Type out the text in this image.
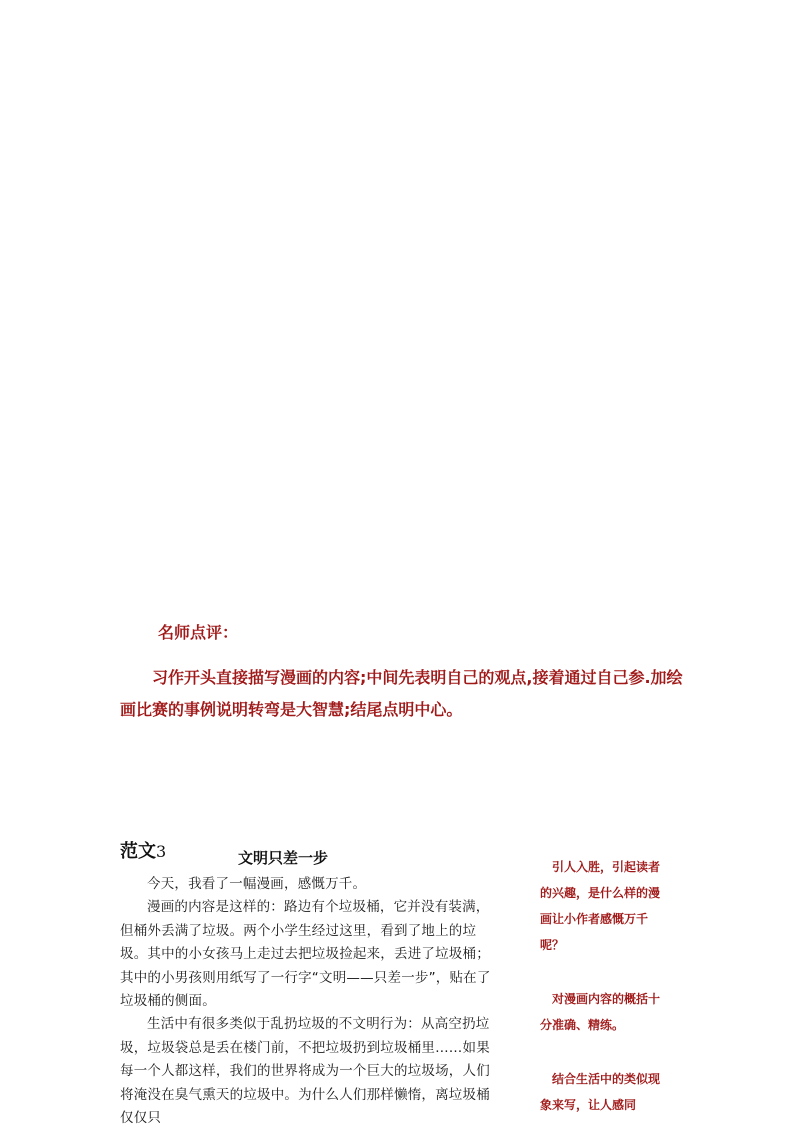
名师点评：

习作开头直接描写漫画的内容;中间先表明自己的观点,接着通过自己参.加绘画比赛的事例说明转弯是大智慧;结尾点明中心。

范文3	文明只差一步

今天，我看了一幅漫画，感慨万千。

漫画的内容是这样的：路边有个垃圾桶，它并没有装满，但桶外丢满了垃圾。两个小学生经过这里，看到了地上的垃圾。其中的小女孩马上走过去把垃圾捡起来，丢进了垃圾桶；其中的小男孩则用纸写了一行字“文明——只差一步”，贴在了垃圾桶的侧面。

生活中有很多类似于乱扔垃圾的不文明行为：从高空扔垃圾，垃圾袋总是丢在楼门前，不把垃圾扔到垃圾桶里……如果每一个人都这样，我们的世界将成为一个巨大的垃圾场，人们将淹没在臭气熏天的垃圾中。为什么人们那样懒惰，离垃圾桶仅仅只

引人入胜，引起读者的兴趣，是什么样的漫画让小作者感慨万千呢？

对漫画内容的概括十分准确、精练。

结合生活中的类似现象来写，让人感同
